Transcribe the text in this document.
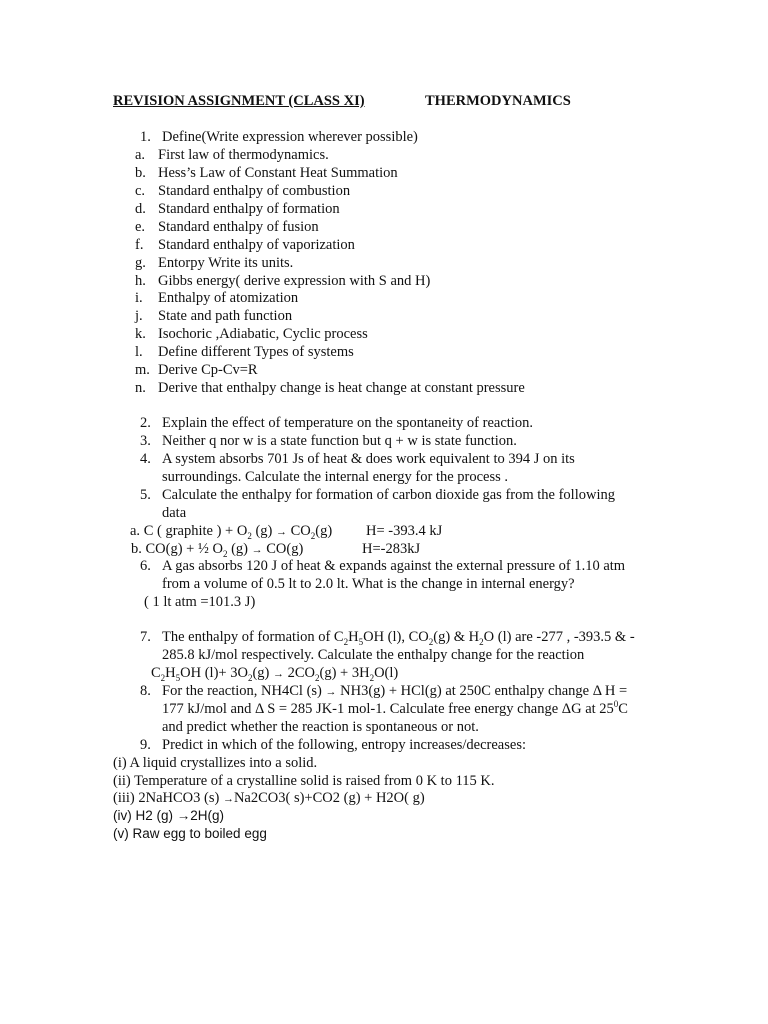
REVISION ASSIGNMENT (CLASS XI)	THERMODYNAMICS
1. Define(Write expression wherever possible)
a. First law of thermodynamics.
b. Hess’s Law of Constant Heat Summation
c. Standard enthalpy of combustion
d. Standard enthalpy of formation
e. Standard enthalpy of fusion
f. Standard enthalpy of vaporization
g. Entorpy Write its units.
h. Gibbs energy( derive expression with S and H)
i. Enthalpy of atomization
j. State and path function
k. Isochoric ,Adiabatic, Cyclic process
l. Define different Types of systems
m. Derive Cp-Cv=R
n. Derive that enthalpy change is heat change at constant pressure
2. Explain the effect of temperature on the spontaneity of reaction.
3. Neither q nor w is a state function but q + w is state function.
4. A system absorbs 701 Js of heat & does work equivalent to 394 J on its
surroundings. Calculate the internal energy for the process .
5. Calculate the enthalpy for formation of carbon dioxide gas from the following
data
a. C ( graphite ) + $O_2$ $(g) \to CO_2(g)$ H= -393.4 kJ
b. CO(g) + ½ $O_2$ (g) → CO(g)	H=-283kJ
6. A gas absorbs 120 J of heat & expands against the external pressure of 1.10 atm
from a volume of 0.5 lt to 2.0 lt. What is the change in internal energy?
( 1 lt atm =101.3 J)
7. The enthalpy of formation of $C_2H_5OH$ (l), $CO_2(g)$ & $H_2O$ (l) are -277 , -393.5 & -
285.8 kJ/mol respectively. Calculate the enthalpy change for the reaction
$C_2H_5OH$ $(l)+ 3O_2(g) \to 2CO_2(g) + 3H_2O(l)$
8. For the reaction, NH4Cl (s) → NH3(g) + HCl(g) at 250C enthalpy change Δ H =
177 kJ/mol and Δ S = 285 JK-1 mol-1. Calculate free energy change ΔG at $25^0C$
and predict whether the reaction is spontaneous or not.
9. Predict in which of the following, entropy increases/decreases:
(i) A liquid crystallizes into a solid.
(ii) Temperature of a crystalline solid is raised from 0 K to 115 K.
(iii) 2NaHCO3 (s) →Na2CO3( s)+CO2 (g) + H2O( g)
(iv) H2 (g) →2H(g)
(v) Raw egg to boiled egg
